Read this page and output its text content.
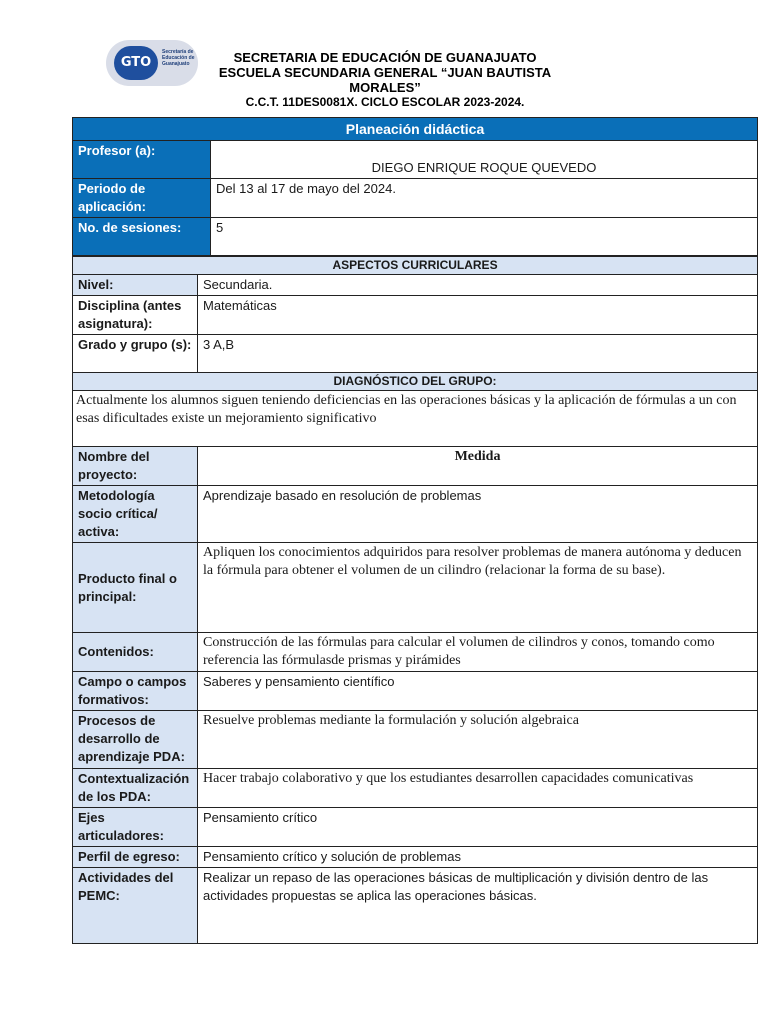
GTO
Secretaría de Educación de Guanajuato	SECRETARIA DE EDUCACIÓN DE GUANAJUATO
ESCUELA SECUNDARIA GENERAL “JUAN BAUTISTA MORALES”
C.C.T. 11DES0081X. CICLO ESCOLAR 2023-2024.
Planeación didáctica	
Profesor (a):	DIEGO ENRIQUE ROQUE QUEVEDO
Periodo de aplicación:	Del 13 al 17 de mayo del 2024.
No. de sesiones:	5
ASPECTOS CURRICULARES	
Nivel:	Secundaria.
Disciplina (antes asignatura):	Matemáticas
Grado y grupo (s):	3 A,B
DIAGNÓSTICO DEL GRUPO:	
Actualmente los alumnos siguen teniendo deficiencias en las operaciones básicas y la aplicación de fórmulas a un con esas dificultades existe un mejoramiento significativo	
Nombre del proyecto:	Medida
Metodología socio crítica/ activa:	Aprendizaje basado en resolución de problemas
Producto final o principal:	Apliquen los conocimientos adquiridos para resolver problemas de manera autónoma y deducen la fórmula para obtener el volumen de un cilindro (relacionar la forma de su base).
Contenidos:	Construcción de las fórmulas para calcular el volumen de cilindros y conos, tomando como referencia las fórmulasde prismas y pirámides
Campo o campos formativos:	Saberes y pensamiento científico
Procesos de desarrollo de aprendizaje PDA:	Resuelve problemas mediante la formulación y solución algebraica
Contextualización de los PDA:	Hacer trabajo colaborativo y que los estudiantes desarrollen capacidades comunicativas
Ejes articuladores:	Pensamiento crítico
Perfil de egreso:	Pensamiento crítico y solución de problemas
Actividades del PEMC:	Realizar un repaso de las operaciones básicas de multiplicación y división dentro de las actividades propuestas se aplica las operaciones básicas.
